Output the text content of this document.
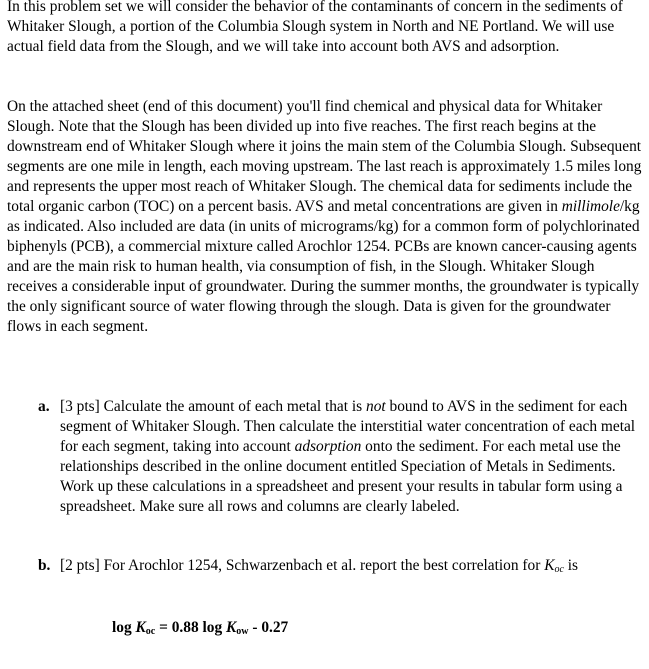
In this problem set we will consider the behavior of the contaminants of concern in the sediments of Whitaker Slough, a portion of the Columbia Slough system in North and NE Portland. We will use actual field data from the Slough, and we will take into account both AVS and adsorption.

On the attached sheet (end of this document) you'll find chemical and physical data for Whitaker Slough. Note that the Slough has been divided up into five reaches. The first reach begins at the downstream end of Whitaker Slough where it joins the main stem of the Columbia Slough. Subsequent segments are one mile in length, each moving upstream. The last reach is approximately 1.5 miles long and represents the upper most reach of Whitaker Slough. The chemical data for sediments include the total organic carbon (TOC) on a percent basis. AVS and metal concentrations are given in millimole/kg as indicated. Also included are data (in units of micrograms/kg) for a common form of polychlorinated biphenyls (PCB), a commercial mixture called Arochlor 1254. PCBs are known cancer-causing agents and are the main risk to human health, via consumption of fish, in the Slough. Whitaker Slough receives a considerable input of groundwater. During the summer months, the groundwater is typically the only significant source of water flowing through the slough. Data is given for the groundwater flows in each segment.

a. [3 pts] Calculate the amount of each metal that is not bound to AVS in the sediment for each segment of Whitaker Slough. Then calculate the interstitial water concentration of each metal for each segment, taking into account adsorption onto the sediment. For each metal use the relationships described in the online document entitled Speciation of Metals in Sediments. Work up these calculations in a spreadsheet and present your results in tabular form using a spreadsheet. Make sure all rows and columns are clearly labeled.
b. [2 pts] For Arochlor 1254, Schwarzenbach et al. report the best correlation for $K_{oc}$ is

$\log K_{oc} = 0.88$ $\log K_{ow} - 0.27$
